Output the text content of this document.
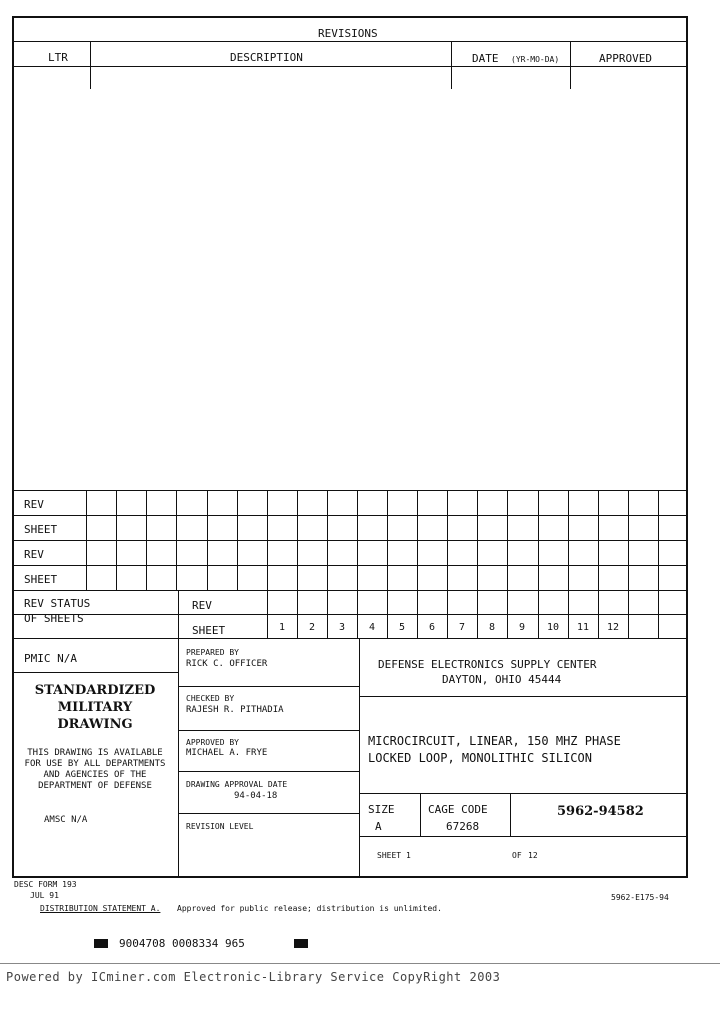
REVISIONS
LTR	DESCRIPTION	DATE (YR-MO-DA)	APPROVED
REV
SHEET
REV
SHEET
REV STATUS
OF SHEETS
REV
SHEET	1	2	3	4	5	6	7	8	9	10	11	12
PMIC N/A
STANDARDIZED
MILITARY
DRAWING
THIS DRAWING IS AVAILABLE
FOR USE BY ALL DEPARTMENTS
AND AGENCIES OF THE
DEPARTMENT OF DEFENSE
AMSC N/A
PREPARED BY
RICK C. OFFICER
CHECKED BY
RAJESH R. PITHADIA
APPROVED BY
MICHAEL A. FRYE
DRAWING APPROVAL DATE
94-04-18
REVISION LEVEL
DEFENSE ELECTRONICS SUPPLY CENTER
DAYTON, OHIO 45444
MICROCIRCUIT, LINEAR, 150 MHZ PHASE
LOCKED LOOP, MONOLITHIC SILICON
SIZE
A
CAGE CODE
67268
5962-94582
SHEET 1	OF 12
DESC FORM 193
JUL 91
DISTRIBUTION STATEMENT A. Approved for public release; distribution is unlimited.
5962-E175-94
9004708 0008334 965
Powered by ICminer.com Electronic-Library Service CopyRight 2003
